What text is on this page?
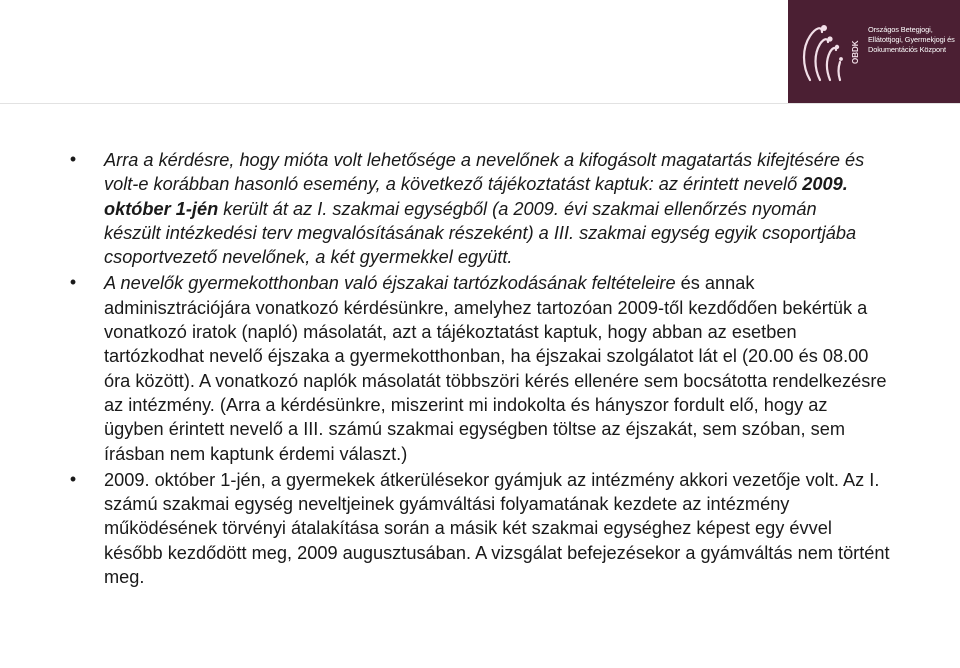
OBDK
Országos Betegjogi,
Ellátottjogi, Gyermekjogi és
Dokumentációs Központ
• Arra a kérdésre, hogy mióta volt lehetősége a nevelőnek a kifogásolt magatartás kifejtésére és volt-e korábban hasonló esemény, a következő tájékoztatást kaptuk: az érintett nevelő 2009. október 1-jén került át az I. szakmai egységből (a 2009. évi szakmai ellenőrzés nyomán készült intézkedési terv megvalósításának részeként) a III. szakmai egység egyik csoportjába csoportvezető nevelőnek, a két gyermekkel együtt.
• A nevelők gyermekotthonban való éjszakai tartózkodásának feltételeire és annak adminisztrációjára vonatkozó kérdésünkre, amelyhez tartozóan 2009-től kezdődően bekértük a vonatkozó iratok (napló) másolatát, azt a tájékoztatást kaptuk, hogy abban az esetben tartózkodhat nevelő éjszaka a gyermekotthonban, ha éjszakai szolgálatot lát el (20.00 és 08.00 óra között). A vonatkozó naplók másolatát többszöri kérés ellenére sem bocsátotta rendelkezésre az intézmény. (Arra a kérdésünkre, miszerint mi indokolta és hányszor fordult elő, hogy az ügyben érintett nevelő a III. számú szakmai egységben töltse az éjszakát, sem szóban, sem írásban nem kaptunk érdemi választ.)
• 2009. október 1-jén, a gyermekek átkerülésekor gyámjuk az intézmény akkori vezetője volt. Az I. számú szakmai egység neveltjeinek gyámváltási folyamatának kezdete az intézmény működésének törvényi átalakítása során a másik két szakmai egységhez képest egy évvel később kezdődött meg, 2009 augusztusában. A vizsgálat befejezésekor a gyámváltás nem történt meg.
